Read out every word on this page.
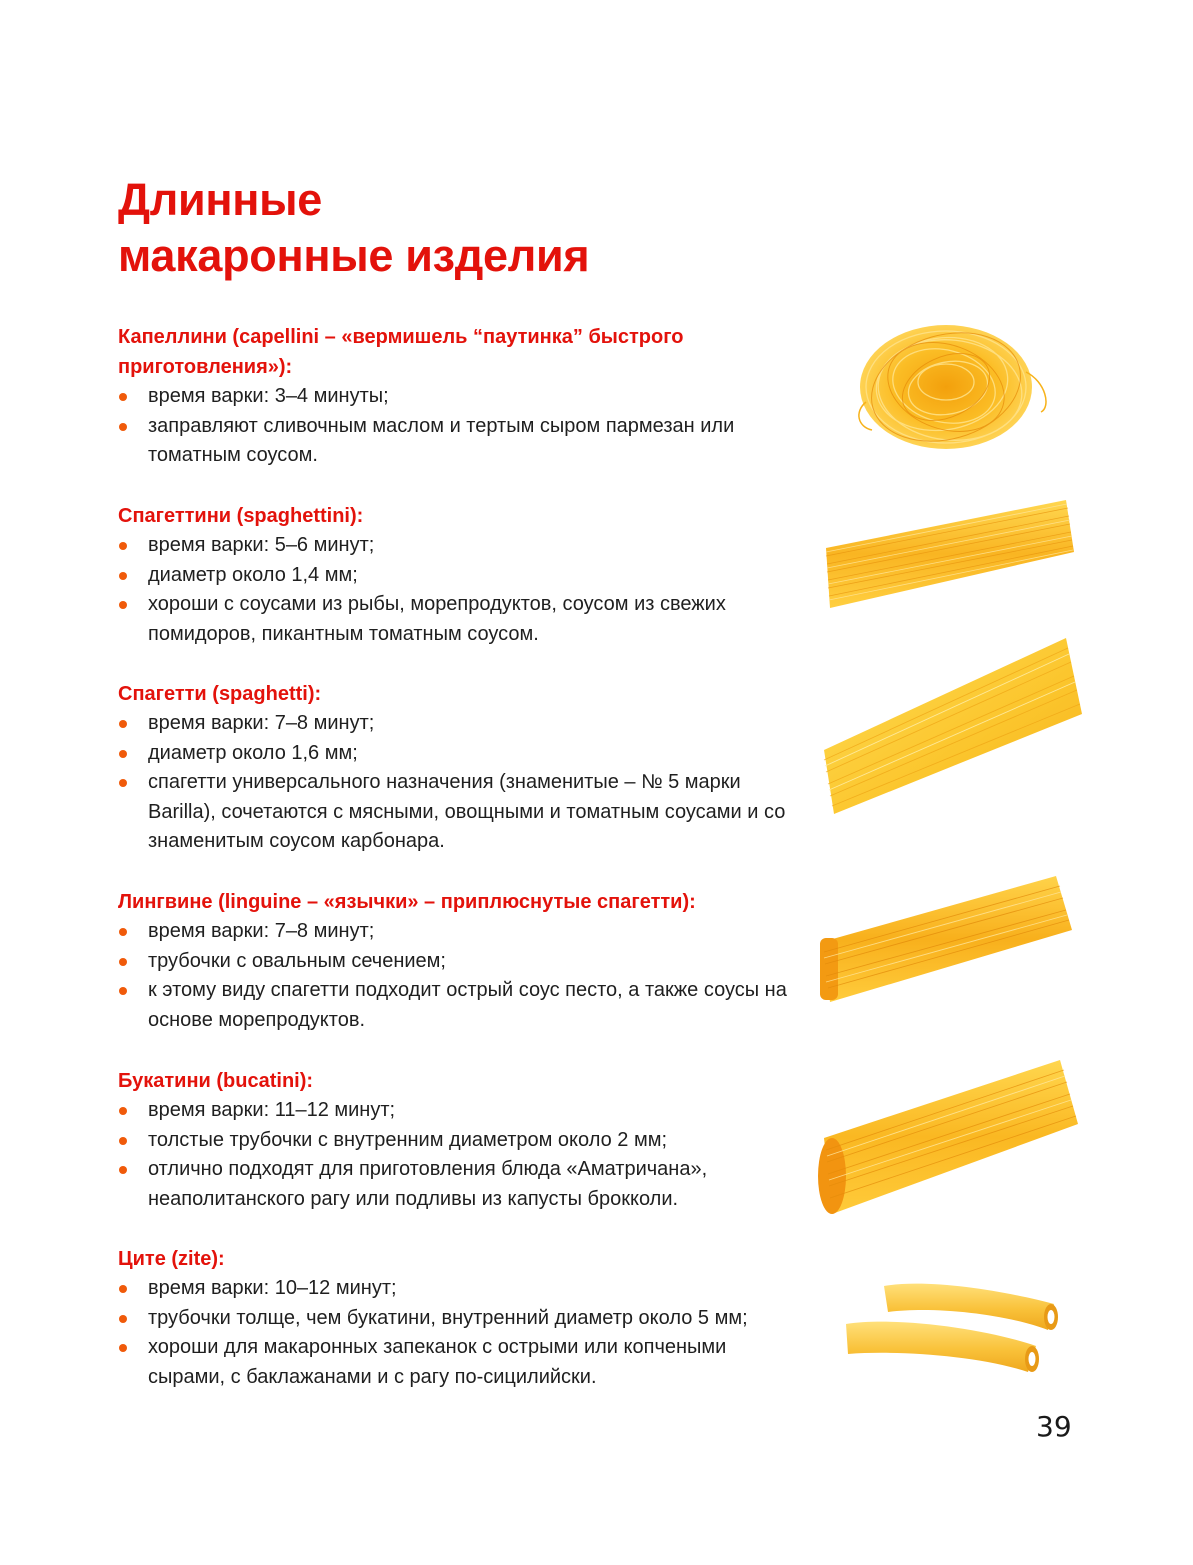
Длинные
макаронные изделия
Капеллини (capellini – «вермишель “паутинка” быстрого приготовления»):
время варки: 3–4 минуты;
заправляют сливочным маслом и тертым сыром пармезан или томатным соусом.
Спагеттини (spaghettini):
время варки: 5–6 минут;
диаметр около 1,4 мм;
хороши с соусами из рыбы, морепродуктов, соусом из свежих помидоров, пикантным томатным соусом.
Спагетти (spaghetti):
время варки: 7–8 минут;
диаметр около 1,6 мм;
спагетти универсального назначения (знаменитые – № 5 марки Barilla), сочетаются с мясными, овощными и томатным соусами и со знаменитым соусом карбонара.
Лингвине (linguine – «язычки» – приплюснутые спагетти):
время варки: 7–8 минут;
трубочки с овальным сечением;
к этому виду спагетти подходит острый соус песто, а также соусы на основе морепродуктов.
Букатини (bucatini):
время варки: 11–12 минут;
толстые трубочки с внутренним диаметром около 2 мм;
отлично подходят для приготовления блюда «Аматричана», неаполитанского рагу или подливы из капусты брокколи.
Ците (zite):
время варки: 10–12 минут;
трубочки толще, чем букатини, внутренний диаметр около 5 мм;
хороши для макаронных запеканок с острыми или копчеными сырами, с баклажанами и с рагу по-сицилийски.
39
